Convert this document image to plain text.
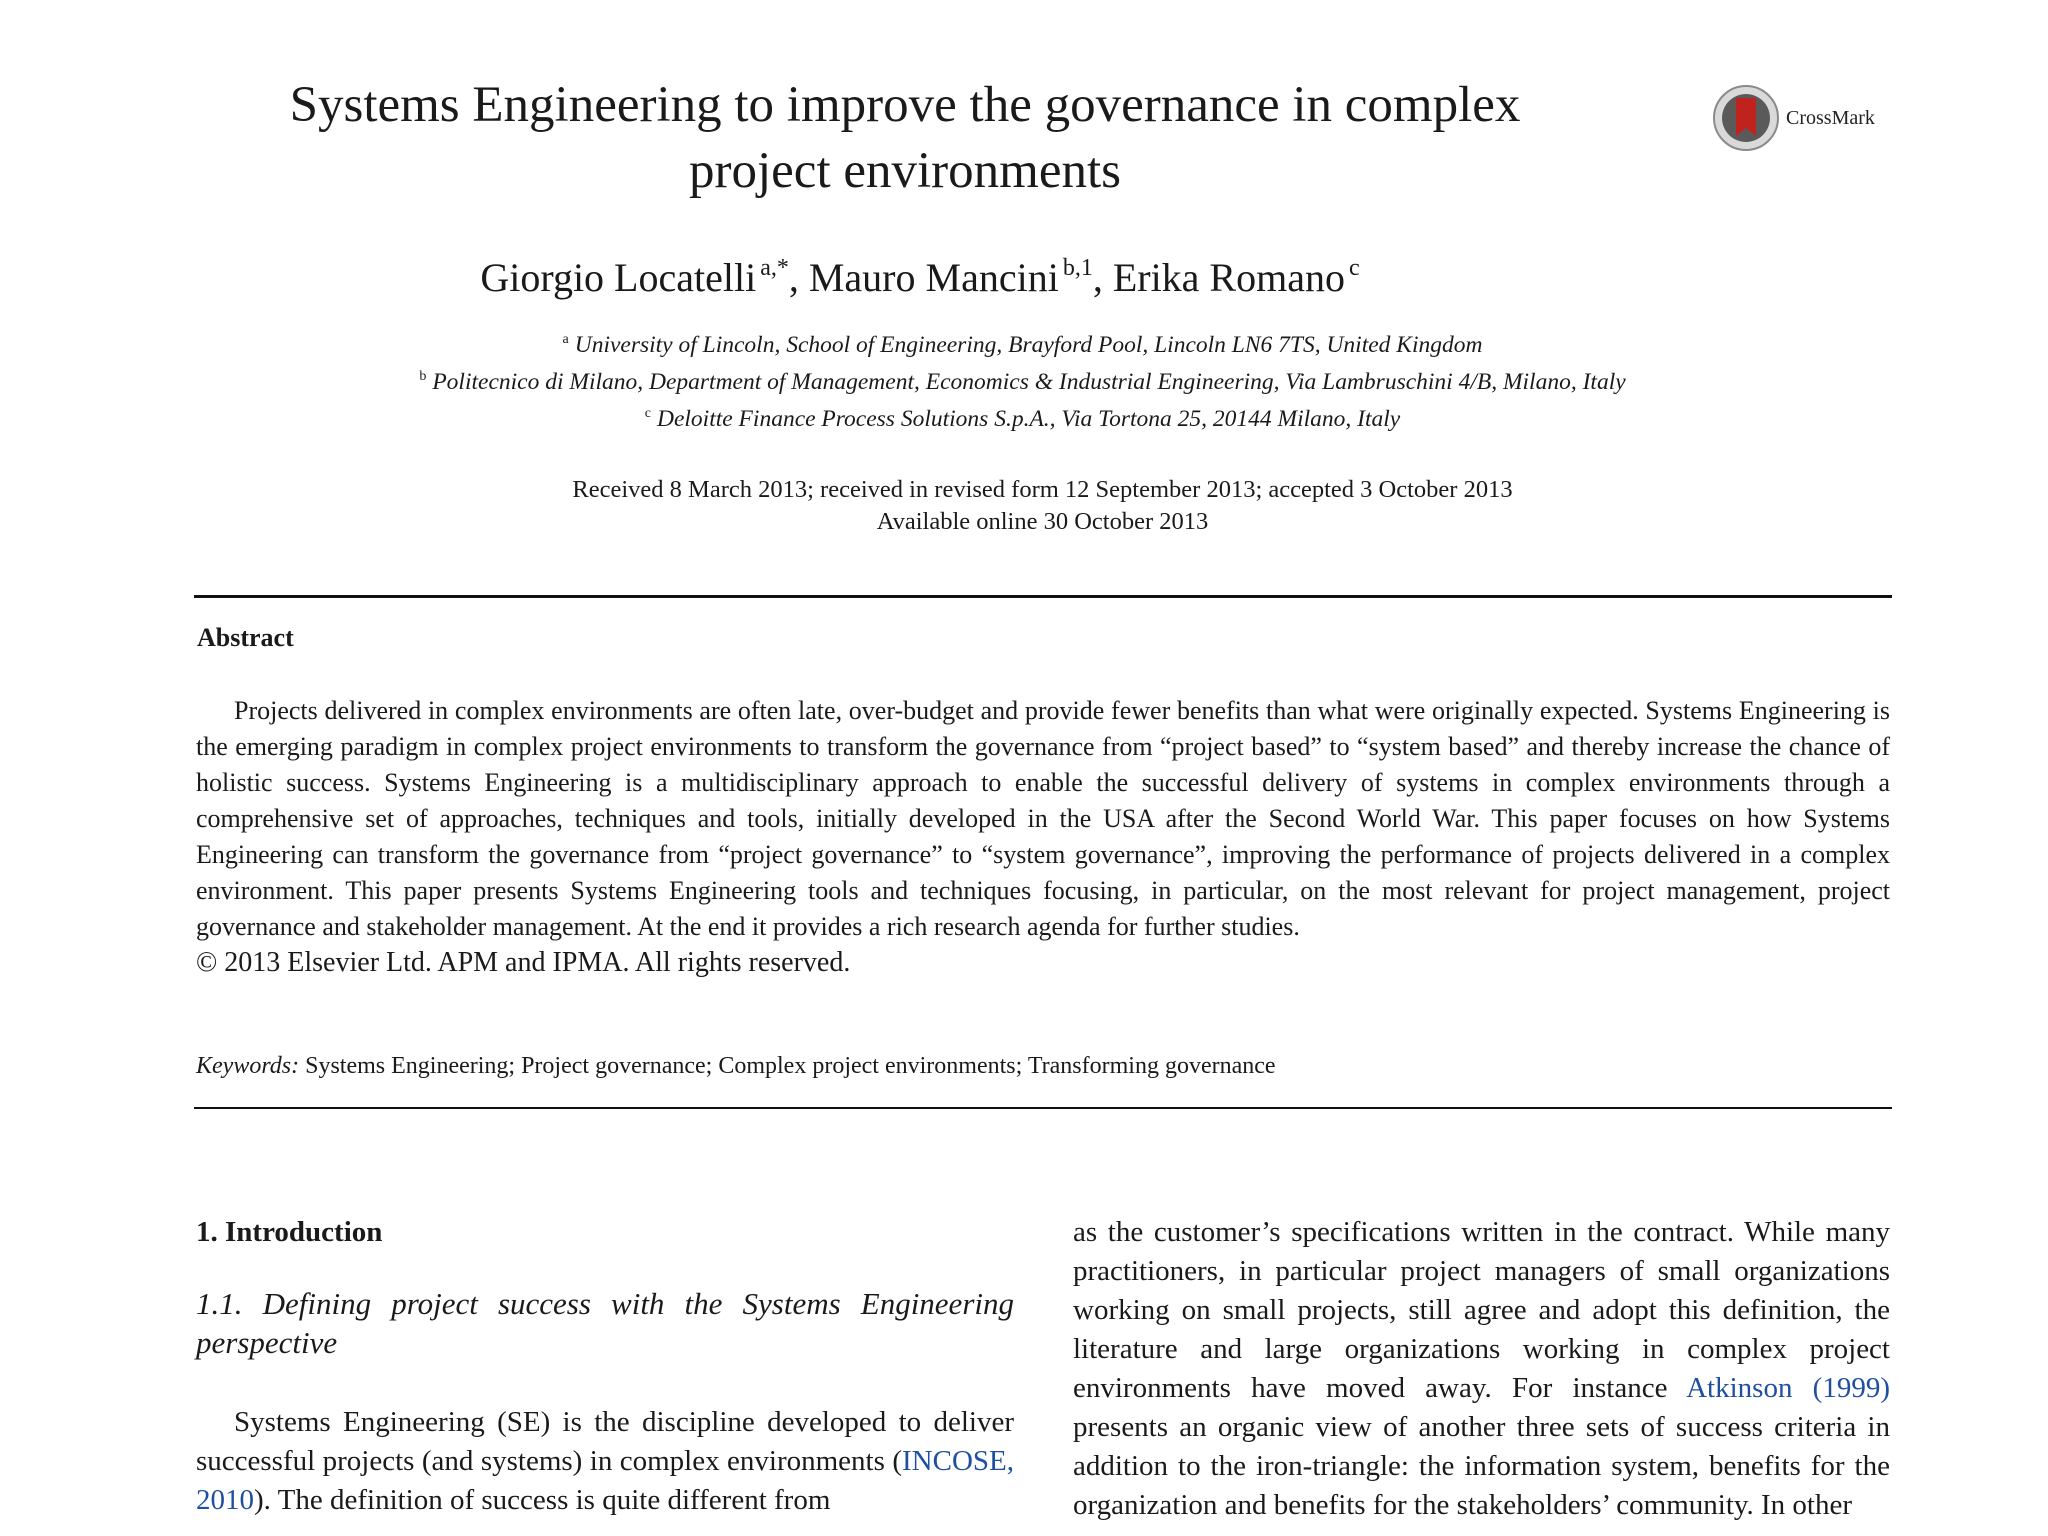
Systems Engineering to improve the governance in complex
project environments
CrossMark
Giorgio Locatelli $^{a,*}$, Mauro Mancini $^{b,1}$, Erika Romano $^c$
$^a$ University of Lincoln, School of Engineering, Brayford Pool, Lincoln LN6 7TS, United Kingdom
$^b$ Politecnico di Milano, Department of Management, Economics & Industrial Engineering, Via Lambruschini 4/B, Milano, Italy
$^c$ Deloitte Finance Process Solutions S.p.A., Via Tortona 25, 20144 Milano, Italy
Received 8 March 2013; received in revised form 12 September 2013; accepted 3 October 2013
Available online 30 October 2013
Abstract

Projects delivered in complex environments are often late, over-budget and provide fewer benefits than what were originally expected. Systems Engineering is the emerging paradigm in complex project environments to transform the governance from “project based” to “system based” and thereby increase the chance of holistic success. Systems Engineering is a multidisciplinary approach to enable the successful delivery of systems in complex environments through a comprehensive set of approaches, techniques and tools, initially developed in the USA after the Second World War. This paper focuses on how Systems Engineering can transform the governance from “project governance” to “system governance”, improving the performance of projects delivered in a complex environment. This paper presents Systems Engineering tools and techniques focusing, in particular, on the most relevant for project management, project governance and stakeholder management. At the end it provides a rich research agenda for further studies.

© 2013 Elsevier Ltd. APM and IPMA. All rights reserved.

Keywords: Systems Engineering; Project governance; Complex project environments; Transforming governance
1. Introduction
1.1. Defining project success with the Systems Engineering perspective

Systems Engineering (SE) is the discipline developed to deliver successful projects (and systems) in complex environments (INCOSE, 2010). The definition of success is quite different from

as the customer’s specifications written in the contract. While many practitioners, in particular project managers of small organizations working on small projects, still agree and adopt this definition, the literature and large organizations working in complex project environments have moved away. For instance Atkinson (1999) presents an organic view of another three sets of success criteria in addition to the iron-triangle: the information system, benefits for the organization and benefits for the stakeholders’ community. In other
